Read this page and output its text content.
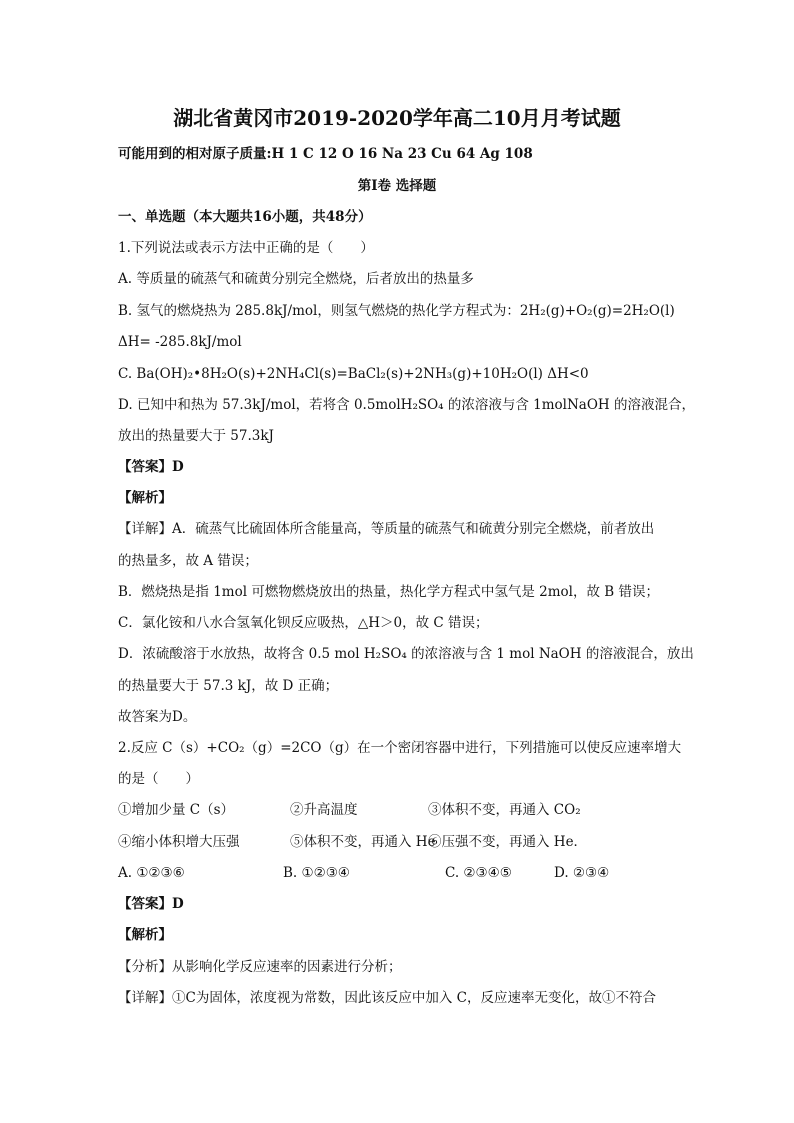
湖北省黄冈市2019-2020学年高二10月月考试题
可能用到的相对原子质量:H 1 C 12 O 16 Na 23 Cu 64 Ag 108
第Ⅰ卷 选择题
一、单选题（本大题共16小题，共48分）
1.下列说法或表示方法中正确的是（　　）
A. 等质量的硫蒸气和硫黄分别完全燃烧，后者放出的热量多
B. 氢气的燃烧热为 285.8kJ/mol，则氢气燃烧的热化学方程式为：2H₂(g)+O₂(g)=2H₂O(l)
ΔH= -285.8kJ/mol
C. Ba(OH)₂•8H₂O(s)+2NH₄Cl(s)=BaCl₂(s)+2NH₃(g)+10H₂O(l) ΔH<0
D. 已知中和热为 57.3kJ/mol，若将含 0.5molH₂SO₄ 的浓溶液与含 1molNaOH 的溶液混合，
放出的热量要大于 57.3kJ
【答案】D
【解析】
【详解】A．硫蒸气比硫固体所含能量高，等质量的硫蒸气和硫黄分别完全燃烧，前者放出
的热量多，故 A 错误；
B．燃烧热是指 1mol 可燃物燃烧放出的热量，热化学方程式中氢气是 2mol，故 B 错误；
C．氯化铵和八水合氢氧化钡反应吸热，△H＞0，故 C 错误；
D．浓硫酸溶于水放热，故将含 0.5 mol H₂SO₄ 的浓溶液与含 1 mol NaOH 的溶液混合，放出
的热量要大于 57.3 kJ，故 D 正确；
故答案为D。
2.反应 C（s）+CO₂（g）=2CO（g）在一个密闭容器中进行，下列措施可以使反应速率增大
的是（　　）
①增加少量 C（s）	②升高温度	③体积不变，再通入 CO₂
④缩小体积增大压强	⑤体积不变，再通入 He
⑥压强不变，再通入 He．
A. ①②③⑥	B. ①②③④	C. ②③④⑤	D. ②③④
【答案】D
【解析】
【分析】从影响化学反应速率的因素进行分析；
【详解】①C为固体，浓度视为常数，因此该反应中加入 C，反应速率无变化，故①不符合
